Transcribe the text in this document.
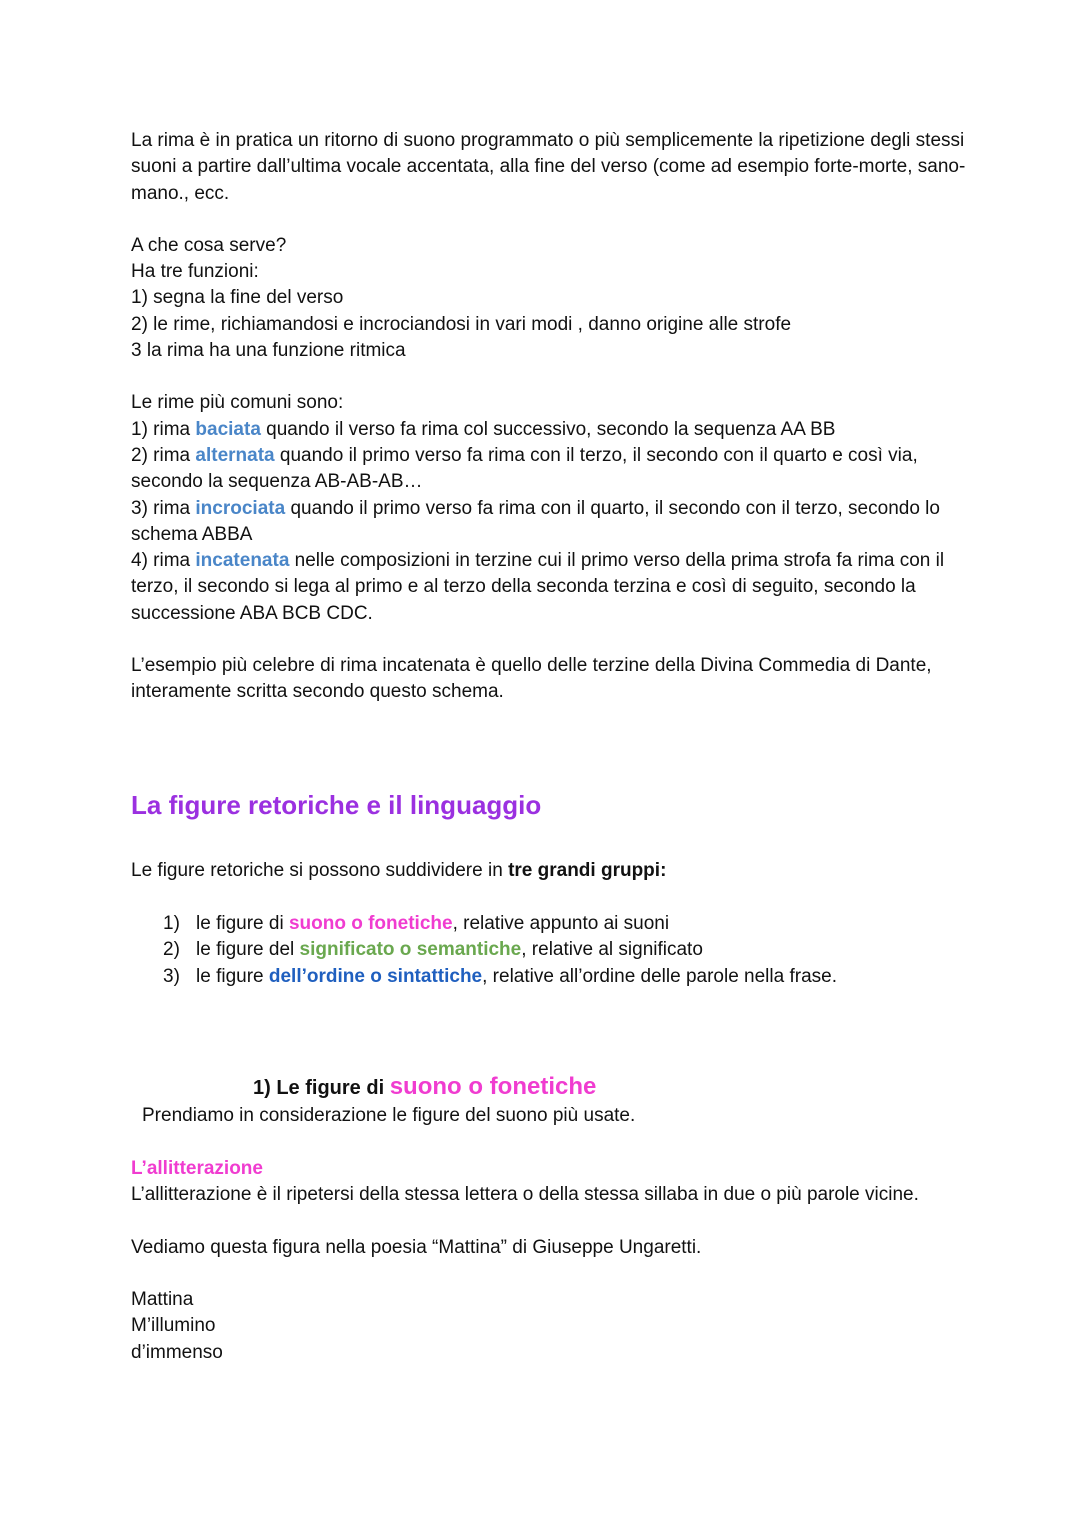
La rima è in pratica un ritorno di suono programmato o più semplicemente la ripetizione degli stessi suoni a partire dall’ultima vocale accentata, alla fine del verso (come ad esempio forte-morte, sano-mano., ecc.

A che cosa serve?

Ha tre funzioni:

1) segna la fine del verso

2) le rime, richiamandosi e incrociandosi in vari modi , danno origine alle strofe

3 la rima ha una funzione ritmica

Le rime più comuni sono:

1) rima baciata quando il verso fa rima col successivo, secondo la sequenza AA BB

2) rima alternata quando il primo verso fa rima con il terzo, il secondo con il quarto e così via, secondo la sequenza AB-AB-AB…

3) rima incrociata quando il primo verso fa rima con il quarto, il secondo con il terzo, secondo lo schema ABBA

4) rima incatenata nelle composizioni in terzine cui il primo verso della prima strofa fa rima con il terzo, il secondo si lega al primo e al terzo della seconda terzina e così di seguito, secondo la successione ABA BCB CDC.

L’esempio più celebre di rima incatenata è quello delle terzine della Divina Commedia di Dante, interamente scritta secondo questo schema.

La figure retoriche e il linguaggio

Le figure retoriche si possono suddividere in tre grandi gruppi:

1) le figure di suono o fonetiche, relative appunto ai suoni
2) le figure del significato o semantiche, relative al significato
3) le figure dell’ordine o sintattiche, relative all’ordine delle parole nella frase.

1) Le figure di suono o fonetiche

Prendiamo in considerazione le figure del suono più usate.

L’allitterazione

L’allitterazione è il ripetersi della stessa lettera o della stessa sillaba in due o più parole vicine.

Vediamo questa figura nella poesia “Mattina” di Giuseppe Ungaretti.

Mattina

M’illumino

d’immenso
